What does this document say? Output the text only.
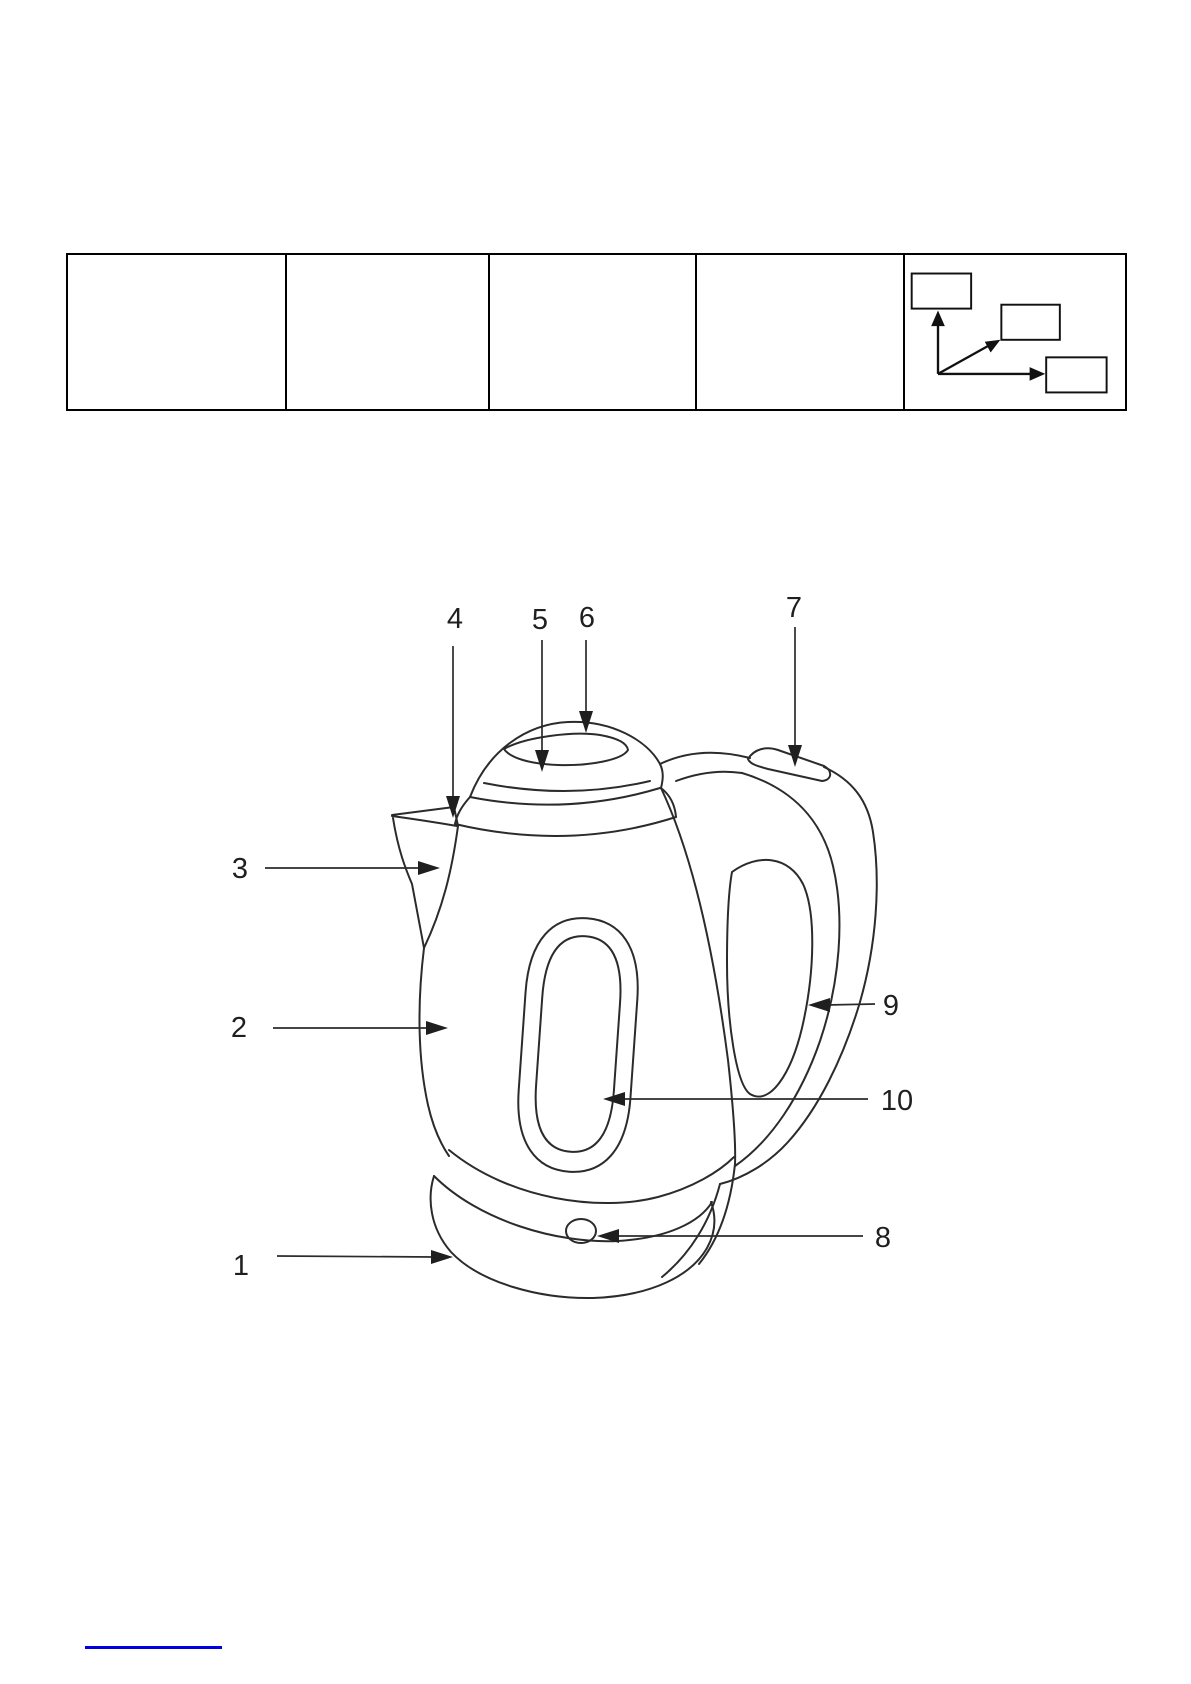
1
2
3
4 5 6	7
8
9
10
